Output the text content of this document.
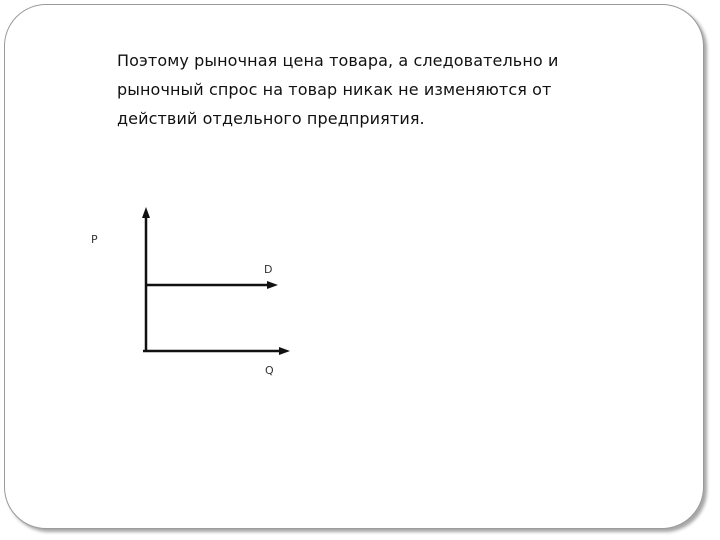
Поэтому рыночная цена товара, а следовательно и
рыночный спрос на товар никак не изменяются от
действий отдельного предприятия.

P
D
Q
